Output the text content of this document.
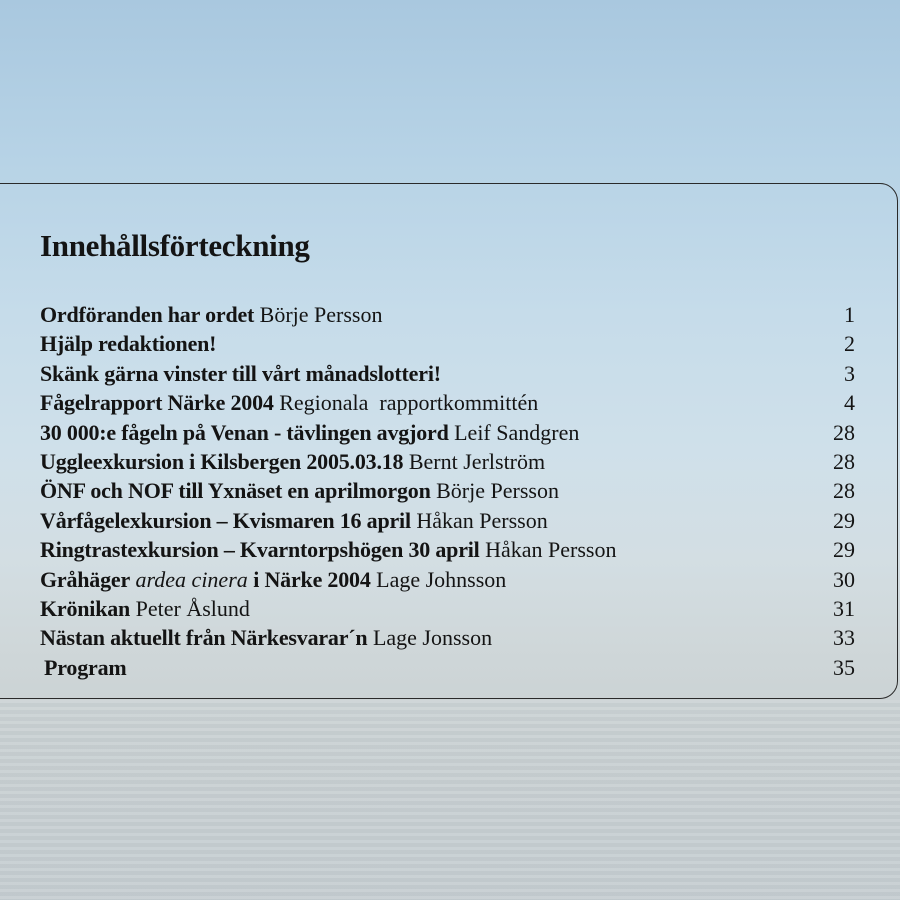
Innehållsförteckning
Ordföranden har ordet Börje Persson	1
Hjälp redaktionen!	2
Skänk gärna vinster till vårt månadslotteri!	3
Fågelrapport Närke 2004 Regionala  rapportkommittén	4
30 000:e fågeln på Venan - tävlingen avgjord Leif Sandgren	28
Uggleexkursion i Kilsbergen 2005.03.18 Bernt Jerlström	28
ÖNF och NOF till Yxnäset en aprilmorgon Börje Persson	28
Vårfågelexkursion – Kvismaren 16 april Håkan Persson	29
Ringtrastexkursion – Kvarntorpshögen 30 april Håkan Persson	29
Gråhäger ardea cinera i Närke 2004 Lage Johnsson	30
Krönikan Peter Åslund	31
Nästan aktuellt från Närkesvarar´n Lage Jonsson	33
Program	35
